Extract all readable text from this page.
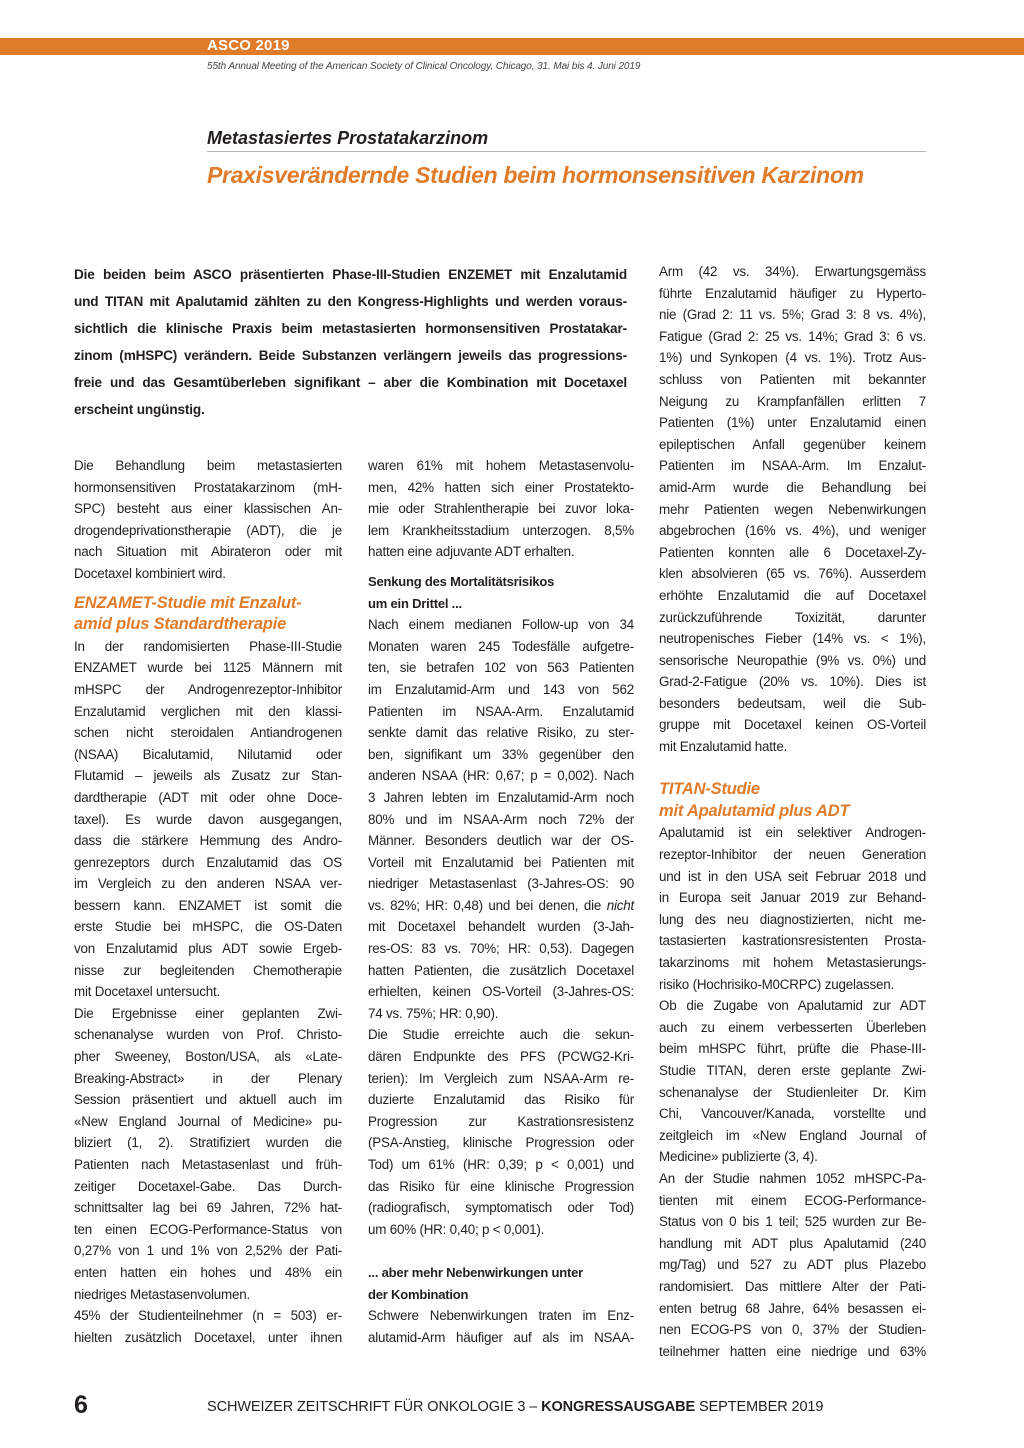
ASCO 2019
55th Annual Meeting of the American Society of Clinical Oncology, Chicago, 31. Mai bis 4. Juni 2019
Metastasiertes Prostatakarzinom
Praxisverändernde Studien beim hormonsensitiven Karzinom
Die beiden beim ASCO präsentierten Phase-III-Studien ENZEMET mit Enzalutamid
und TITAN mit Apalutamid zählten zu den Kongress-Highlights und werden voraus-
sichtlich die klinische Praxis beim metastasierten hormonsensitiven Prostatakar-
zinom (mHSPC) verändern. Beide Substanzen verlängern jeweils das progressions-
freie und das Gesamtüberleben signifikant – aber die Kombination mit Docetaxel
erscheint ungünstig.
Die Behandlung beim metastasierten
hormonsensitiven Prostatakarzinom (mH-
SPC) besteht aus einer klassischen An-
drogendeprivationstherapie (ADT), die je
nach Situation mit Abirateron oder mit
Docetaxel kombiniert wird.
ENZAMET-Studie mit Enzalut-
amid plus Standardtherapie
In der randomisierten Phase-III-Studie
ENZAMET wurde bei 1125 Männern mit
mHSPC der Androgenrezeptor-Inhibitor
Enzalutamid verglichen mit den klassi-
schen nicht steroidalen Antiandrogenen
(NSAA) Bicalutamid, Nilutamid oder
Flutamid – jeweils als Zusatz zur Stan-
dardtherapie (ADT mit oder ohne Doce-
taxel). Es wurde davon ausgegangen,
dass die stärkere Hemmung des Andro-
genrezeptors durch Enzalutamid das OS
im Vergleich zu den anderen NSAA ver-
bessern kann. ENZAMET ist somit die
erste Studie bei mHSPC, die OS-Daten
von Enzalutamid plus ADT sowie Ergeb-
nisse zur begleitenden Chemotherapie
mit Docetaxel untersucht.
Die Ergebnisse einer geplanten Zwi-
schenanalyse wurden von Prof. Christo-
pher Sweeney, Boston/USA, als «Late-
Breaking-Abstract» in der Plenary
Session präsentiert und aktuell auch im
«New England Journal of Medicine» pu-
bliziert (1, 2). Stratifiziert wurden die
Patienten nach Metastasenlast und früh-
zeitiger Docetaxel-Gabe. Das Durch-
schnittsalter lag bei 69 Jahren, 72% hat-
ten einen ECOG-Performance-Status von
0,27% von 1 und 1% von 2,52% der Pati-
enten hatten ein hohes und 48% ein
niedriges Metastasenvolumen.
45% der Studienteilnehmer (n = 503) er-
hielten zusätzlich Docetaxel, unter ihnen
waren 61% mit hohem Metastasenvolu-
men, 42% hatten sich einer Prostatekto-
mie oder Strahlentherapie bei zuvor loka-
lem Krankheitsstadium unterzogen. 8,5%
hatten eine adjuvante ADT erhalten.
Senkung des Mortalitätsrisikos
um ein Drittel ...
Nach einem medianen Follow-up von 34
Monaten waren 245 Todesfälle aufgetre-
ten, sie betrafen 102 von 563 Patienten
im Enzalutamid-Arm und 143 von 562
Patienten im NSAA-Arm. Enzalutamid
senkte damit das relative Risiko, zu ster-
ben, signifikant um 33% gegenüber den
anderen NSAA (HR: 0,67; p = 0,002). Nach
3 Jahren lebten im Enzalutamid-Arm noch
80% und im NSAA-Arm noch 72% der
Männer. Besonders deutlich war der OS-
Vorteil mit Enzalutamid bei Patienten mit
niedriger Metastasenlast (3-Jahres-OS: 90
vs. 82%; HR: 0,48) und bei denen, die nicht
mit Docetaxel behandelt wurden (3-Jah-
res-OS: 83 vs. 70%; HR: 0,53). Dagegen
hatten Patienten, die zusätzlich Docetaxel
erhielten, keinen OS-Vorteil (3-Jahres-OS:
74 vs. 75%; HR: 0,90).
Die Studie erreichte auch die sekun-
dären Endpunkte des PFS (PCWG2-Kri-
terien): Im Vergleich zum NSAA-Arm re-
duzierte Enzalutamid das Risiko für
Progression zur Kastrationsresistenz
(PSA-Anstieg, klinische Progression oder
Tod) um 61% (HR: 0,39; p < 0,001) und
das Risiko für eine klinische Progression
(radiografisch, symptomatisch oder Tod)
um 60% (HR: 0,40; p < 0,001).
... aber mehr Nebenwirkungen unter
der Kombination
Schwere Nebenwirkungen traten im Enz-
alutamid-Arm häufiger auf als im NSAA-
Arm (42 vs. 34%). Erwartungsgemäss
führte Enzalutamid häufiger zu Hyperto-
nie (Grad 2: 11 vs. 5%; Grad 3: 8 vs. 4%),
Fatigue (Grad 2: 25 vs. 14%; Grad 3: 6 vs.
1%) und Synkopen (4 vs. 1%). Trotz Aus-
schluss von Patienten mit bekannter
Neigung zu Krampfanfällen erlitten 7
Patienten (1%) unter Enzalutamid einen
epileptischen Anfall gegenüber keinem
Patienten im NSAA-Arm. Im Enzalut-
amid-Arm wurde die Behandlung bei
mehr Patienten wegen Nebenwirkungen
abgebrochen (16% vs. 4%), und weniger
Patienten konnten alle 6 Docetaxel-Zy-
klen absolvieren (65 vs. 76%). Ausserdem
erhöhte Enzalutamid die auf Docetaxel
zurückzuführende Toxizität, darunter
neutropenisches Fieber (14% vs. < 1%),
sensorische Neuropathie (9% vs. 0%) und
Grad-2-Fatigue (20% vs. 10%). Dies ist
besonders bedeutsam, weil die Sub-
gruppe mit Docetaxel keinen OS-Vorteil
mit Enzalutamid hatte.
TITAN-Studie
mit Apalutamid plus ADT
Apalutamid ist ein selektiver Androgen-
rezeptor-Inhibitor der neuen Generation
und ist in den USA seit Februar 2018 und
in Europa seit Januar 2019 zur Behand-
lung des neu diagnostizierten, nicht me-
tastasierten kastrationsresistenten Prosta-
takarzinoms mit hohem Metastasierungs-
risiko (Hochrisiko-M0CRPC) zugelassen.
Ob die Zugabe von Apalutamid zur ADT
auch zu einem verbesserten Überleben
beim mHSPC führt, prüfte die Phase-III-
Studie TITAN, deren erste geplante Zwi-
schenanalyse der Studienleiter Dr. Kim
Chi, Vancouver/Kanada, vorstellte und
zeitgleich im «New England Journal of
Medicine» publizierte (3, 4).
An der Studie nahmen 1052 mHSPC-Pa-
tienten mit einem ECOG-Performance-
Status von 0 bis 1 teil; 525 wurden zur Be-
handlung mit ADT plus Apalutamid (240
mg/Tag) und 527 zu ADT plus Plazebo
randomisiert. Das mittlere Alter der Pati-
enten betrug 68 Jahre, 64% besassen ei-
nen ECOG-PS von 0, 37% der Studien-
teilnehmer hatten eine niedrige und 63%
6	SCHWEIZER ZEITSCHRIFT FÜR ONKOLOGIE 3 – KONGRESSAUSGABE SEPTEMBER 2019
